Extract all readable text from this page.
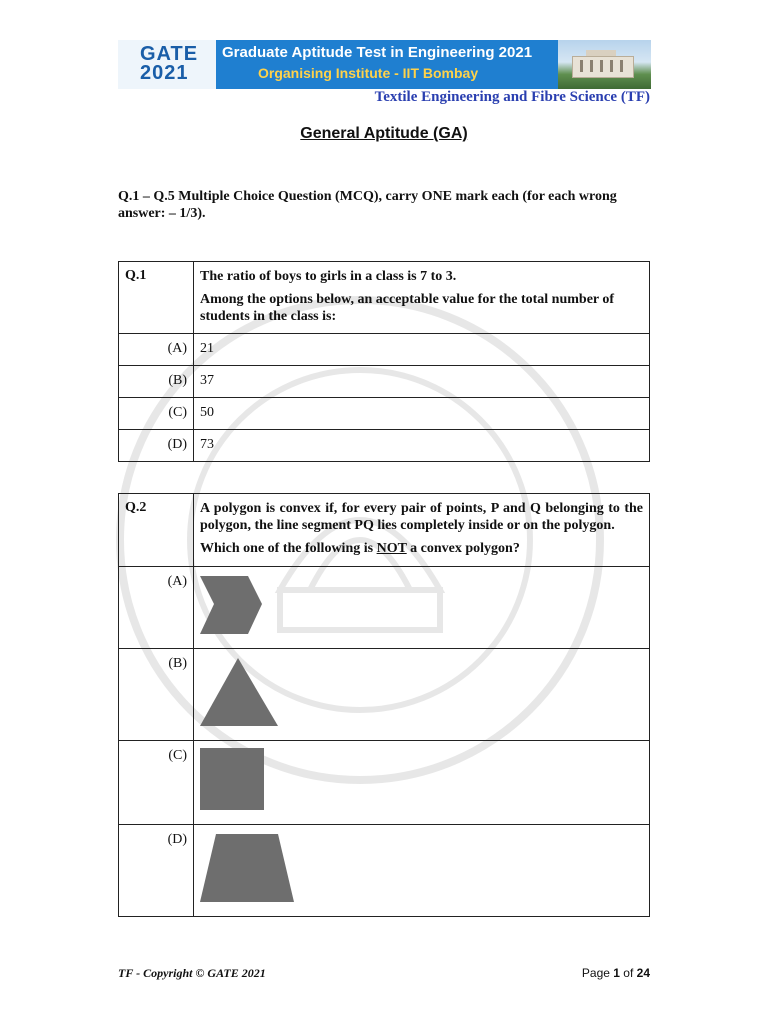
GATE
2021
Graduate Aptitude Test in Engineering 2021
Organising Institute - IIT Bombay
Textile Engineering and Fibre Science (TF)
General Aptitude (GA)
Q.1 – Q.5 Multiple Choice Question (MCQ), carry ONE mark each (for each wrong answer: – 1/3).
Q.1	The ratio of boys to girls in a class is 7 to 3.

Among the options below, an acceptable value for the total number of students in the class is:

(A)	21
(B)	37
(C)	50
(D)	73
Q.2	A polygon is convex if, for every pair of points, P and Q belonging to the polygon, the line segment PQ lies completely inside or on the polygon.

Which one of the following is NOT a convex polygon?

(A)	
(B)	
(C)	
(D)	
TF - Copyright © GATE 2021	Page 1 of 24
